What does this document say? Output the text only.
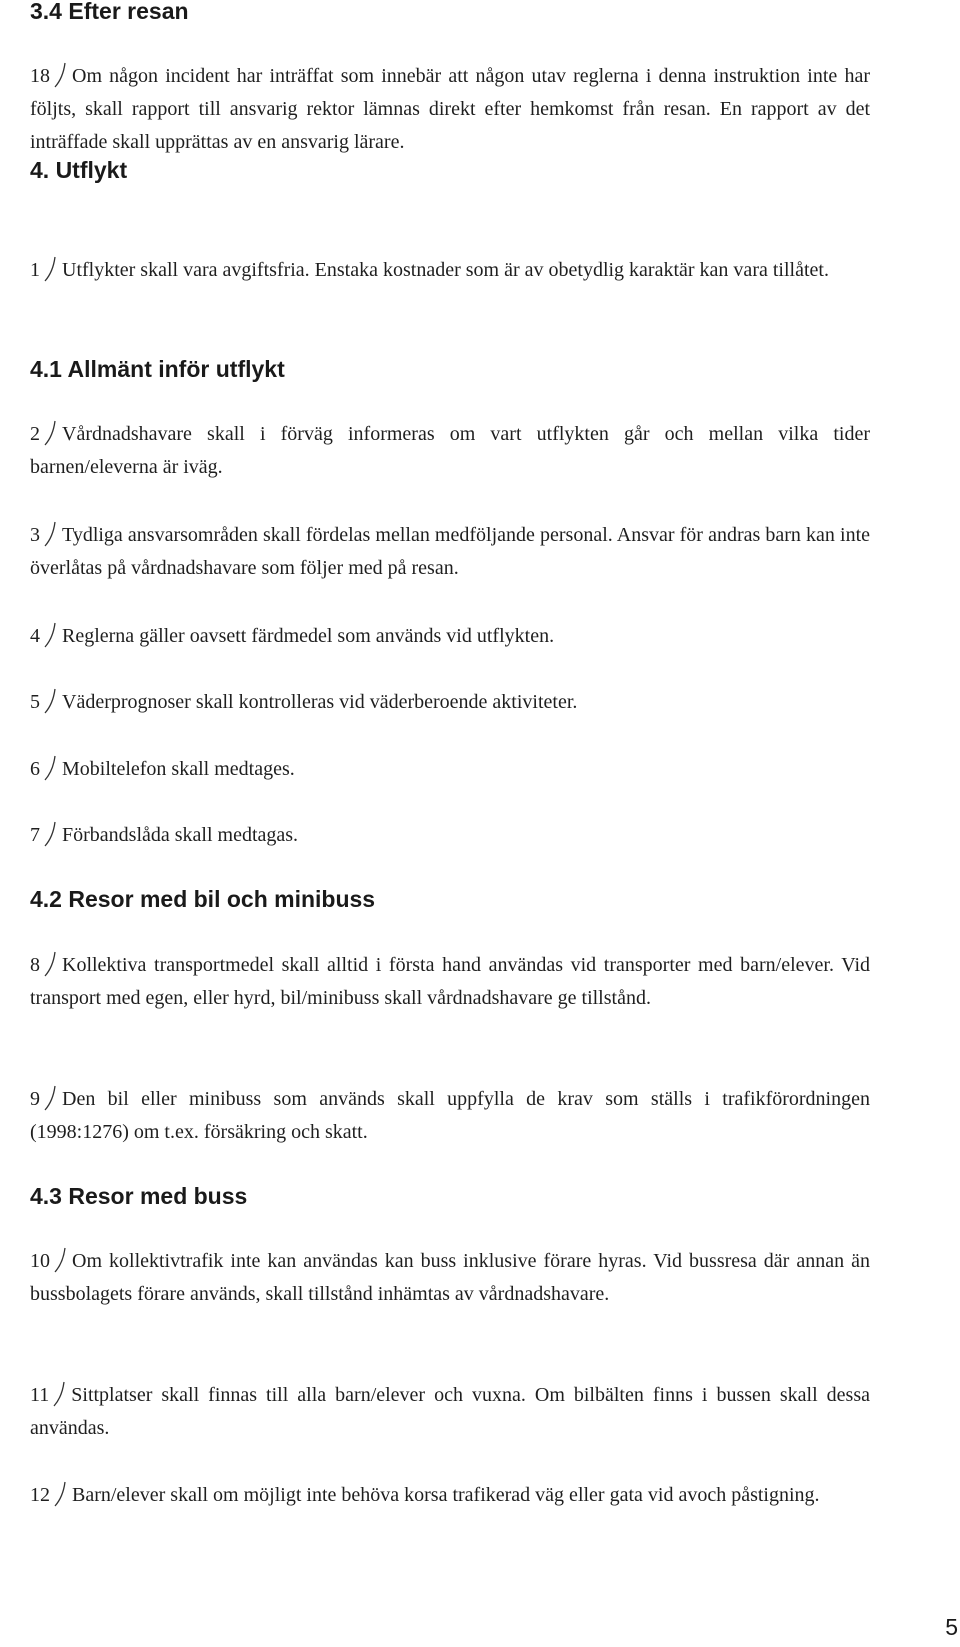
3.4 Efter resan

18 Om någon incident har inträffat som innebär att någon utav reglerna i denna instruktion inte har följts, skall rapport till ansvarig rektor lämnas direkt efter hemkomst från resan. En rapport av det inträffade skall upprättas av en ansvarig lärare.

4. Utflykt

1 Utflykter skall vara avgiftsfria. Enstaka kostnader som är av obetydlig karaktär kan vara tillåtet.

4.1 Allmänt inför utflykt

2 Vårdnadshavare skall i förväg informeras om vart utflykten går och mellan vilka tider barnen/eleverna är iväg.

3 Tydliga ansvarsområden skall fördelas mellan medföljande personal. Ansvar för andras barn kan inte överlåtas på vårdnadshavare som följer med på resan.

4 Reglerna gäller oavsett färdmedel som används vid utflykten.

5 Väderprognoser skall kontrolleras vid väderberoende aktiviteter.

6 Mobiltelefon skall medtages.

7 Förbandslåda skall medtagas.

4.2 Resor med bil och minibuss

8 Kollektiva transportmedel skall alltid i första hand användas vid transporter med barn/elever. Vid transport med egen, eller hyrd, bil/minibuss skall vårdnadshavare ge tillstånd.

9 Den bil eller minibuss som används skall uppfylla de krav som ställs i trafikförordningen (1998:1276) om t.ex. försäkring och skatt.

4.3 Resor med buss

10 Om kollektivtrafik inte kan användas kan buss inklusive förare hyras. Vid bussresa där annan än bussbolagets förare används, skall tillstånd inhämtas av vårdnadshavare.

11 Sittplatser skall finnas till alla barn/elever och vuxna. Om bilbälten finns i bussen skall dessa användas.

12 Barn/elever skall om möjligt inte behöva korsa trafikerad väg eller gata vid avoch påstigning.

5
